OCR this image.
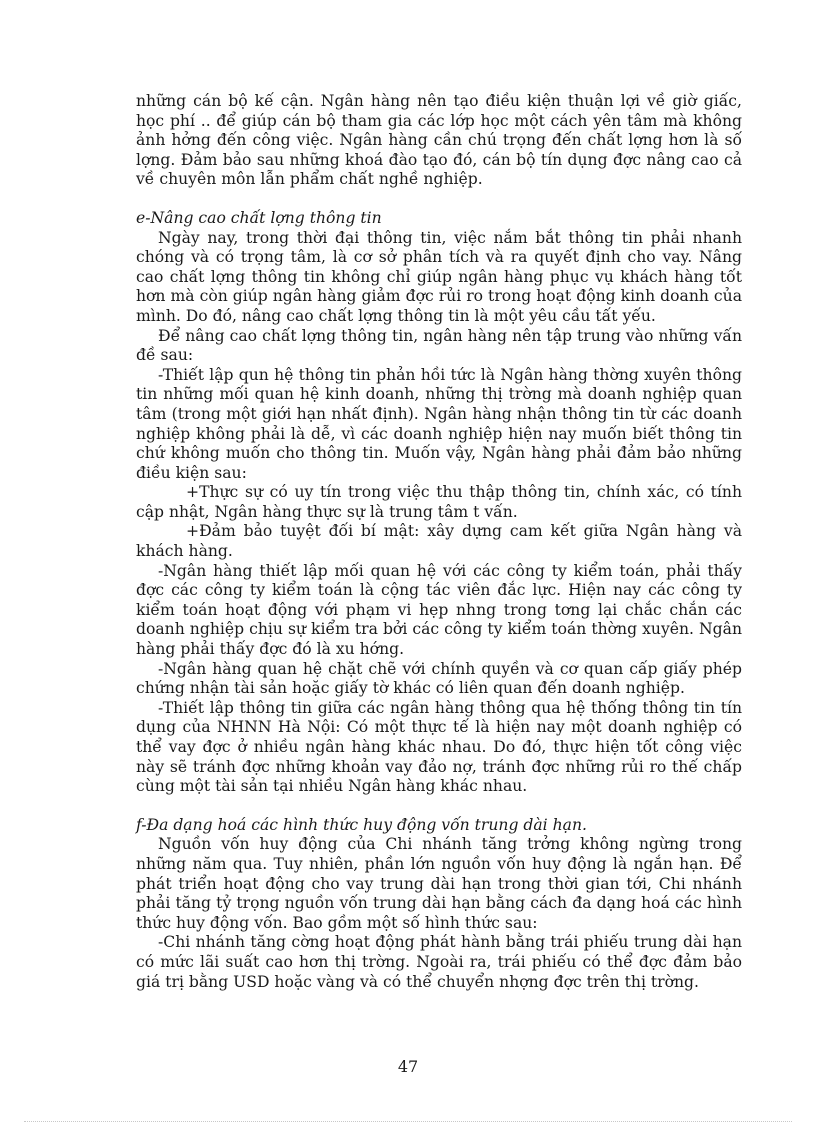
những cán bộ kế cận. Ngân hàng nên tạo điều kiện thuận lợi về giờ giấc, học phí .. để giúp cán bộ tham gia các lớp học một cách yên tâm mà không ảnh hởng đến công việc. Ngân hàng cần chú trọng đến chất lợng hơn là số lợng. Đảm bảo sau những khoá đào tạo đó, cán bộ tín dụng đợc nâng cao cả về chuyên môn lẫn phẩm chất nghề nghiệp.

e-Nâng cao chất lợng thông tin

Ngày nay, trong thời đại thông tin, việc nắm bắt thông tin phải nhanh chóng và có trọng tâm, là cơ sở phân tích và ra quyết định cho vay. Nâng cao chất lợng thông tin không chỉ giúp ngân hàng phục vụ khách hàng tốt hơn mà còn giúp ngân hàng giảm đợc rủi ro trong hoạt động kinh doanh của mình. Do đó, nâng cao chất lợng thông tin là một yêu cầu tất yếu.

Để nâng cao chất lợng thông tin, ngân hàng nên tập trung vào những vấn đề sau:

-Thiết lập qun hệ thông tin phản hồi tức là Ngân hàng thờng xuyên thông tin những mối quan hệ kinh doanh, những thị trờng mà doanh nghiệp quan tâm (trong một giới hạn nhất định). Ngân hàng nhận thông tin từ các doanh nghiệp không phải là dễ, vì các doanh nghiệp hiện nay muốn biết thông tin chứ không muốn cho thông tin. Muốn vậy, Ngân hàng phải đảm bảo những điều kiện sau:

+Thực sự có uy tín trong việc thu thập thông tin, chính xác, có tính cập nhật, Ngân hàng thực sự là trung tâm t vấn.

+Đảm bảo tuyệt đối bí mật: xây dựng cam kết giữa Ngân hàng và khách hàng.

-Ngân hàng thiết lập mối quan hệ với các công ty kiểm toán, phải thấy đợc các công ty kiểm toán là cộng tác viên đắc lực. Hiện nay các công ty kiểm toán hoạt động với phạm vi hẹp nhng trong tơng lại chắc chắn các doanh nghiệp chịu sự kiểm tra bởi các công ty kiểm toán thờng xuyên. Ngân hàng phải thấy đợc đó là xu hớng.

-Ngân hàng quan hệ chặt chẽ với chính quyền và cơ quan cấp giấy phép chứng nhận tài sản hoặc giấy tờ khác có liên quan đến doanh nghiệp.

-Thiết lập thông tin giữa các ngân hàng thông qua hệ thống thông tin tín dụng của NHNN Hà Nội: Có một thực tế là hiện nay một doanh nghiệp có thể vay đợc ở nhiều ngân hàng khác nhau. Do đó, thực hiện tốt công việc này sẽ tránh đợc những khoản vay đảo nợ, tránh đợc những rủi ro thế chấp cùng một tài sản tại nhiều Ngân hàng khác nhau.

f-Đa dạng hoá các hình thức huy động vốn trung dài hạn.

Nguồn vốn huy động của Chi nhánh tăng trởng không ngừng trong những năm qua. Tuy nhiên, phần lớn nguồn vốn huy động là ngắn hạn. Để phát triển hoạt động cho vay trung dài hạn trong thời gian tới, Chi nhánh phải tăng tỷ trọng nguồn vốn trung dài hạn bằng cách đa dạng hoá các hình thức huy động vốn. Bao gồm một số hình thức sau:

-Chi nhánh tăng cờng hoạt động phát hành bằng trái phiếu trung dài hạn có mức lãi suất cao hơn thị trờng. Ngoài ra, trái phiếu có thể đợc đảm bảo giá trị bằng USD hoặc vàng và có thể chuyển nhợng đợc trên thị trờng.

47
